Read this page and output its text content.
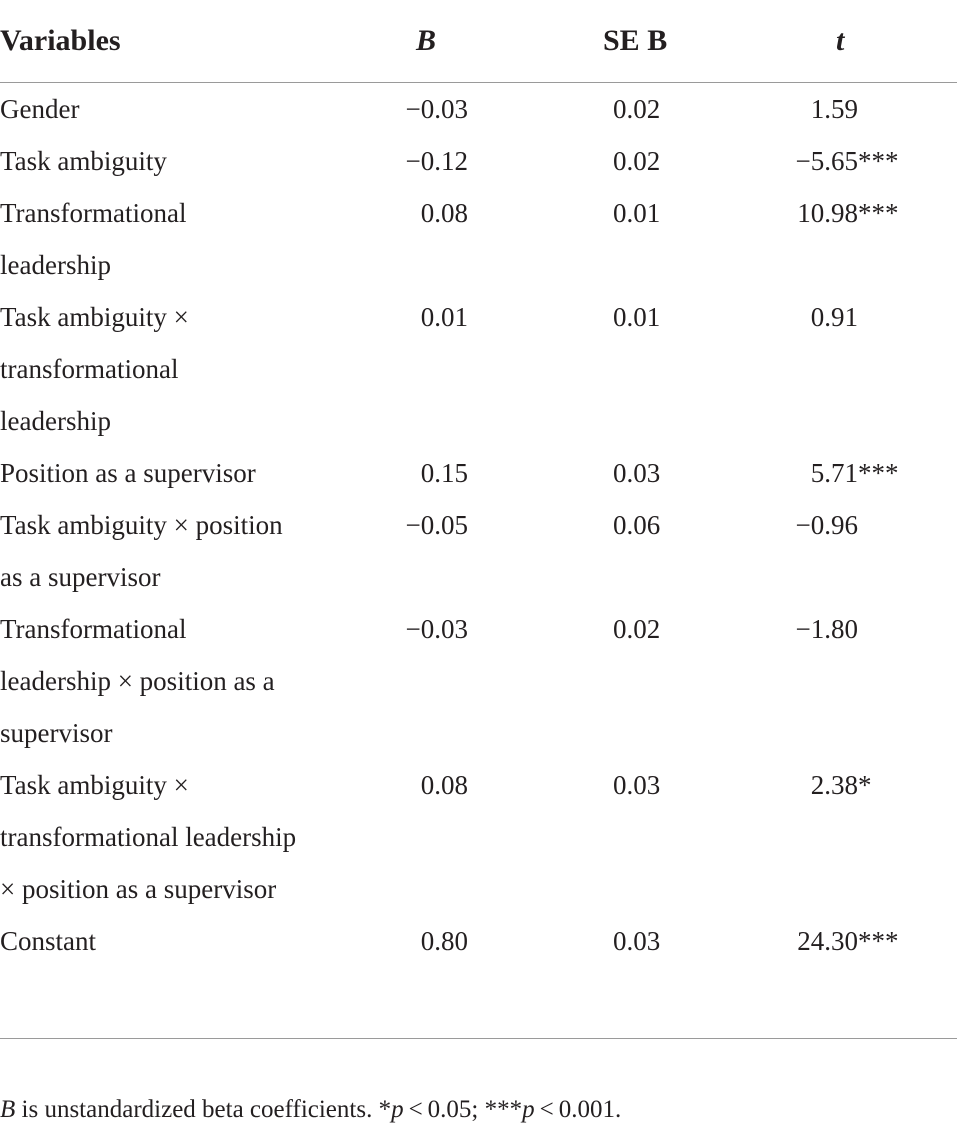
Variables	B	SE B	t

Gender	−0.03	0.02	1.59

Task ambiguity	−0.12	0.02	−5.65***

Transformational leadership	0.08	0.01	10.98***

Task ambiguity × transformational leadership	0.01	0.01	0.91

Position as a supervisor	0.15	0.03	5.71***

Task ambiguity × position as a supervisor	−0.05	0.06	−0.96

Transformational leadership × position as a supervisor	−0.03	0.02	−1.80

Task ambiguity × transformational leadership × position as a supervisor	0.08	0.03	2.38*

Constant	0.80	0.03	24.30***
B is unstandardized beta coefficients. *p < 0.05; ***p < 0.001.
